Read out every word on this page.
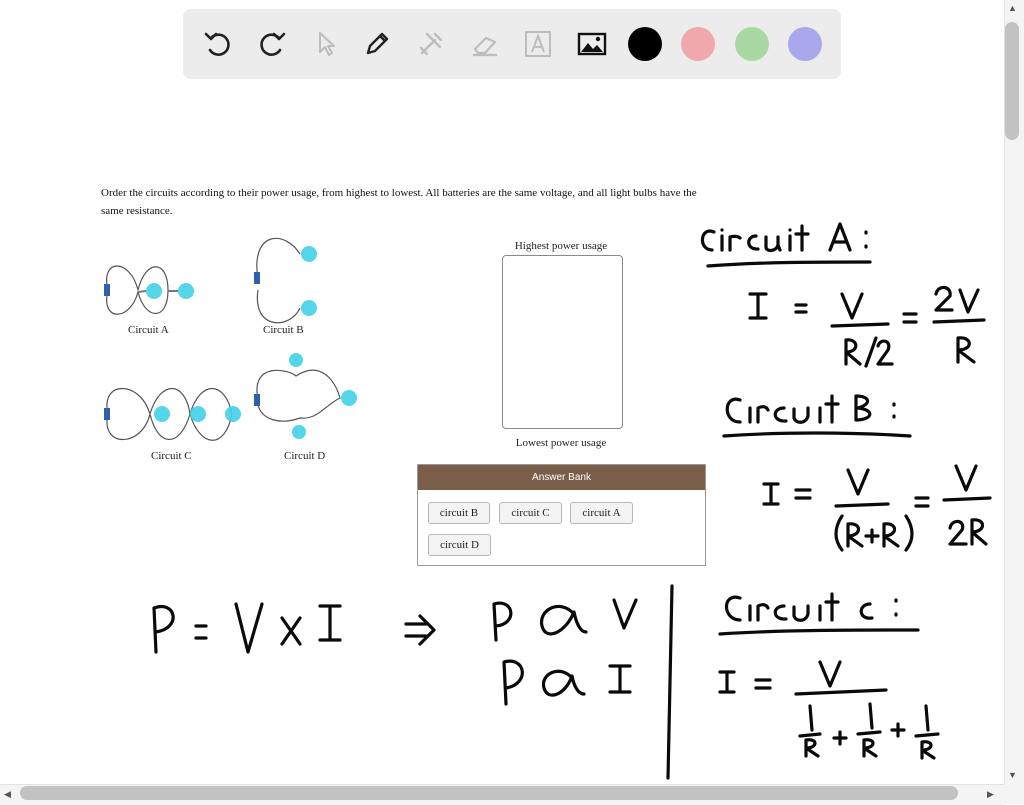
Order the circuits according to their power usage, from highest to lowest. All batteries are the same voltage, and all light bulbs have the same resistance.
Circuit A	Circuit B
Circuit C	Circuit D
Highest power usage
Lowest power usage
Answer Bank
circuit B	circuit C	circuit A
circuit D
▲
▼
◀	▶
